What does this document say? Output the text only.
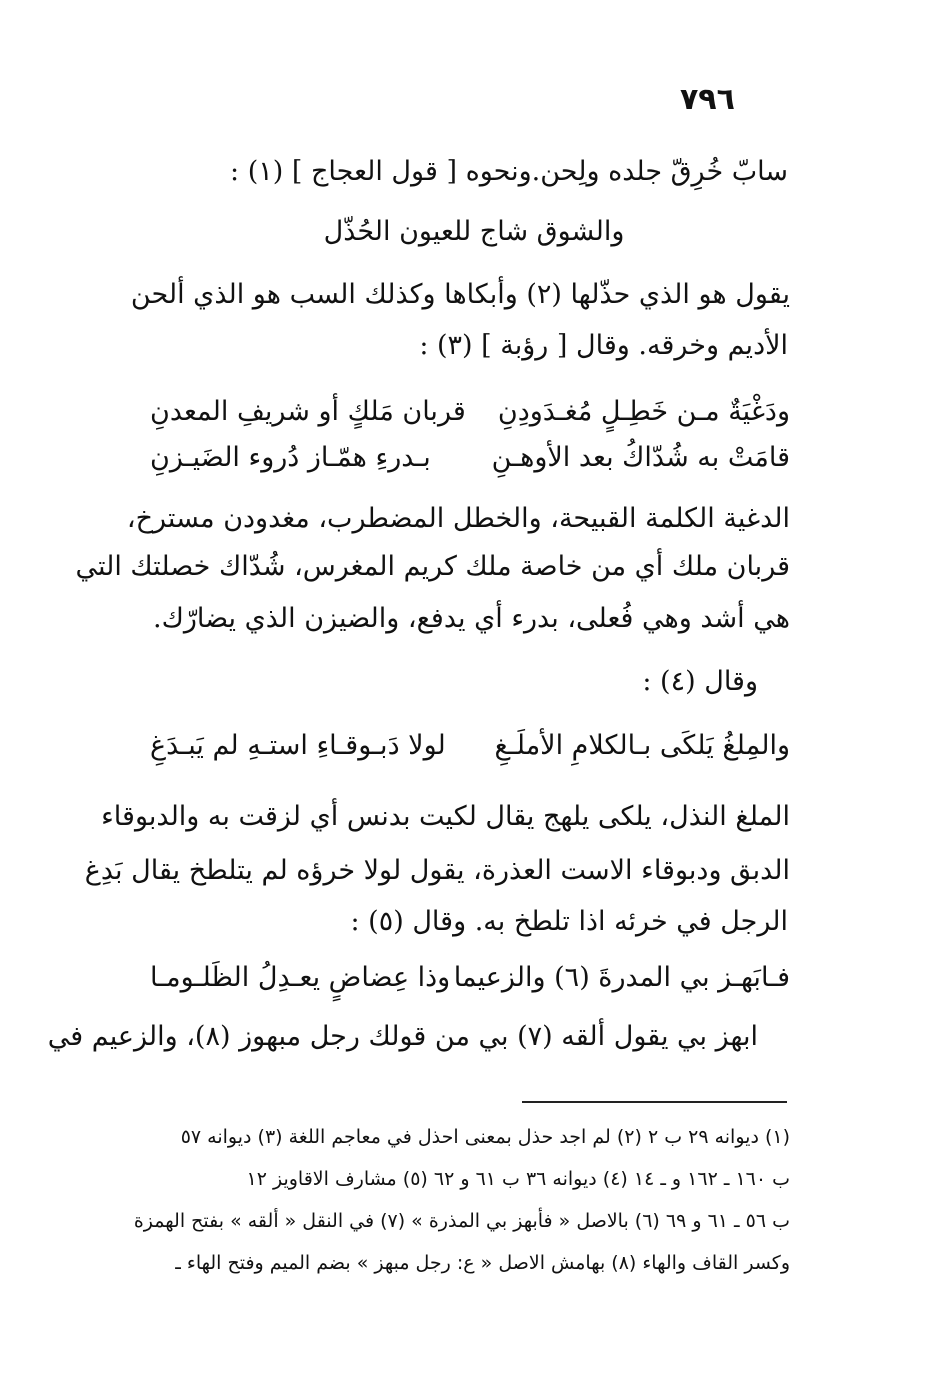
٧٩٦
سابّ خُرِقّ جلده ولِحن.ونحوه [ قول العجاج ] (١) :
والشوق شاج للعيون الحُذّل
يقول هو الذي حذّلها (٢) وأبكاها وكذلك السب هو الذي ألحن
الأديم وخرقه. وقال [ رؤبة ] (٣) :
ودَغْيَةٌ مـن خَطِـلٍ مُغـدَودِنِ
قربان مَلكٍ أو شريفِ المعدنِ
قامَتْ به شُدّاكُ بعد الأوهـنِ
بـدرءِ همّـاز دُروء الضَيـزنِ
الدغية الكلمة القبيحة، والخطل المضطرب، مغدودن مسترخ،
قربان ملك أي من خاصة ملك كريم المغرس، شُدّاك خصلتك التي
هي أشد وهي فُعلى، بدرء أي يدفع، والضيزن الذي يضارّك.
وقال (٤) :
والمِلغُ يَلكَى بـالكلامِ الأملَـغِ
لولا دَبـوقـاءِ استـهِ لم يَبـدَغِ
الملغ النذل، يلكى يلهج يقال لكيت بدنس أي لزقت به والدبوقاء
الدبق ودبوقاء الاست العذرة، يقول لولا خرؤه لم يتلطخ يقال بَدِغ
الرجل في خرئه اذا تلطخ به. وقال (٥) :
فـابَهـز بي المدرةَ (٦) والزعيما
وذا عِضاضٍ يعـدِلُ الظَلـومـا
ابهز بي يقول ألقه (٧) بي من قولك رجل مبهوز (٨)، والزعيم في
(١) ديوانه ٢٩ ب ٢ (٢) لم اجد حذل بمعنى احذل في معاجم اللغة (٣) ديوانه ٥٧
ب ١٦٠ ـ ١٦٢ و ـ ١٤ (٤) ديوانه ٣٦ ب ٦١ و ٦٢ (٥) مشارف الاقاويز ١٢
ب ٥٦ ـ ٦١ و ٦٩ (٦) بالاصل « فأبهز بي المذرة » (٧) في النقل « ألقه » بفتح الهمزة
وكسر القاف والهاء (٨) بهامش الاصل « ع: رجل مبهز » بضم الميم وفتح الهاء ـ
